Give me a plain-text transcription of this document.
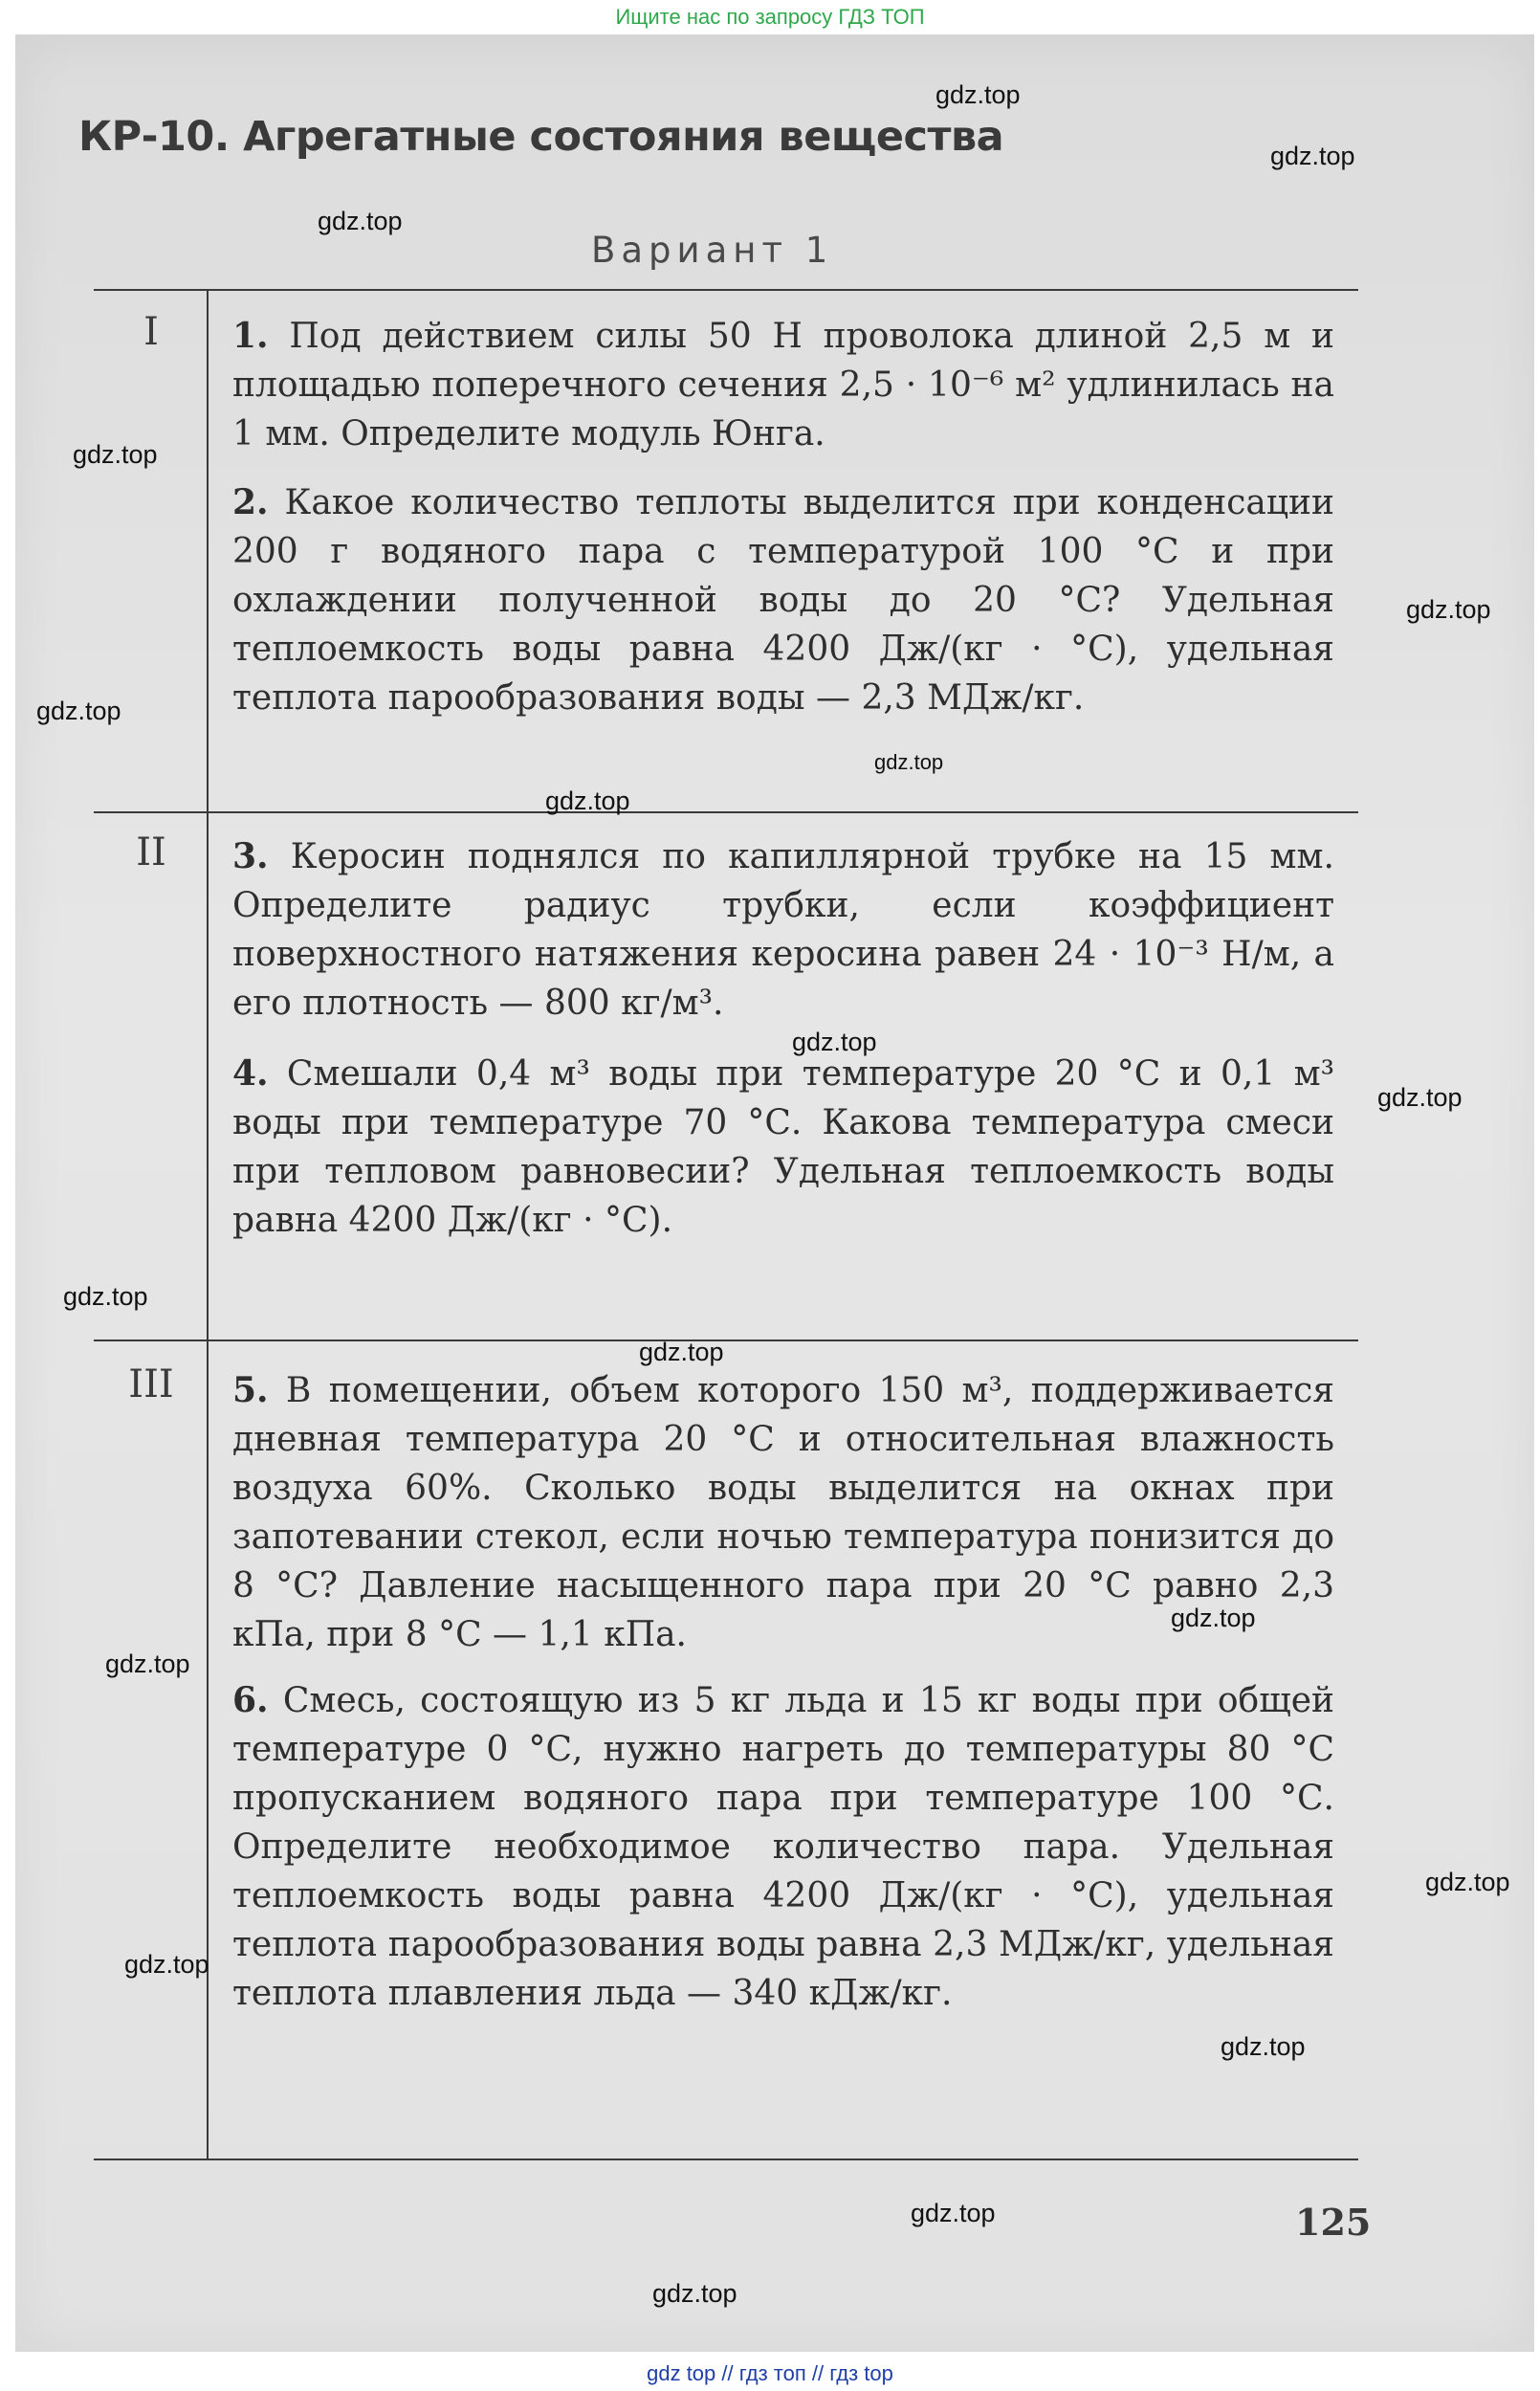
Ищите нас по запросу ГДЗ ТОП
КР-10. Агрегатные состояния вещества
Вариант 1
I
II
III
1. Под действием силы 50 Н проволока длиной 2,5 м и площадью поперечного сечения 2,5 · 10⁻⁶ м² удлинилась на 1 мм. Определите модуль Юнга.
2. Какое количество теплоты выделится при конденсации 200 г водяного пара с температурой 100 °С и при охлаждении полученной воды до 20 °С? Удельная теплоемкость воды равна 4200 Дж/(кг · °С), удельная теплота парообразования воды — 2,3 МДж/кг.
3. Керосин поднялся по капиллярной трубке на 15 мм. Определите радиус трубки, если коэффициент поверхностного натяжения керосина равен 24 · 10⁻³ Н/м, а его плотность — 800 кг/м³.
4. Смешали 0,4 м³ воды при температуре 20 °С и 0,1 м³ воды при температуре 70 °С. Какова температура смеси при тепловом равновесии? Удельная теплоемкость воды равна 4200 Дж/(кг · °С).
5. В помещении, объем которого 150 м³, поддерживается дневная температура 20 °С и относительная влажность воздуха 60%. Сколько воды выделится на окнах при запотевании стекол, если ночью температура понизится до 8 °С? Давление насыщенного пара при 20 °С равно 2,3 кПа, при 8 °С — 1,1 кПа.
6. Смесь, состоящую из 5 кг льда и 15 кг воды при общей температуре 0 °С, нужно нагреть до температуры 80 °С пропусканием водяного пара при температуре 100 °С. Определите необходимое количество пара. Удельная теплоемкость воды равна 4200 Дж/(кг · °С), удельная теплота парообразования воды равна 2,3 МДж/кг, удельная теплота плавления льда — 340 кДж/кг.
125
gdz.top
gdz.top
gdz.top
gdz.top
gdz.top
gdz.top
gdz.top
gdz.top
gdz.top
gdz.top
gdz.top
gdz.top
gdz.top
gdz.top
gdz.top
gdz.top
gdz.top
gdz.top
gdz.top
gdz top // гдз топ // гдз top
